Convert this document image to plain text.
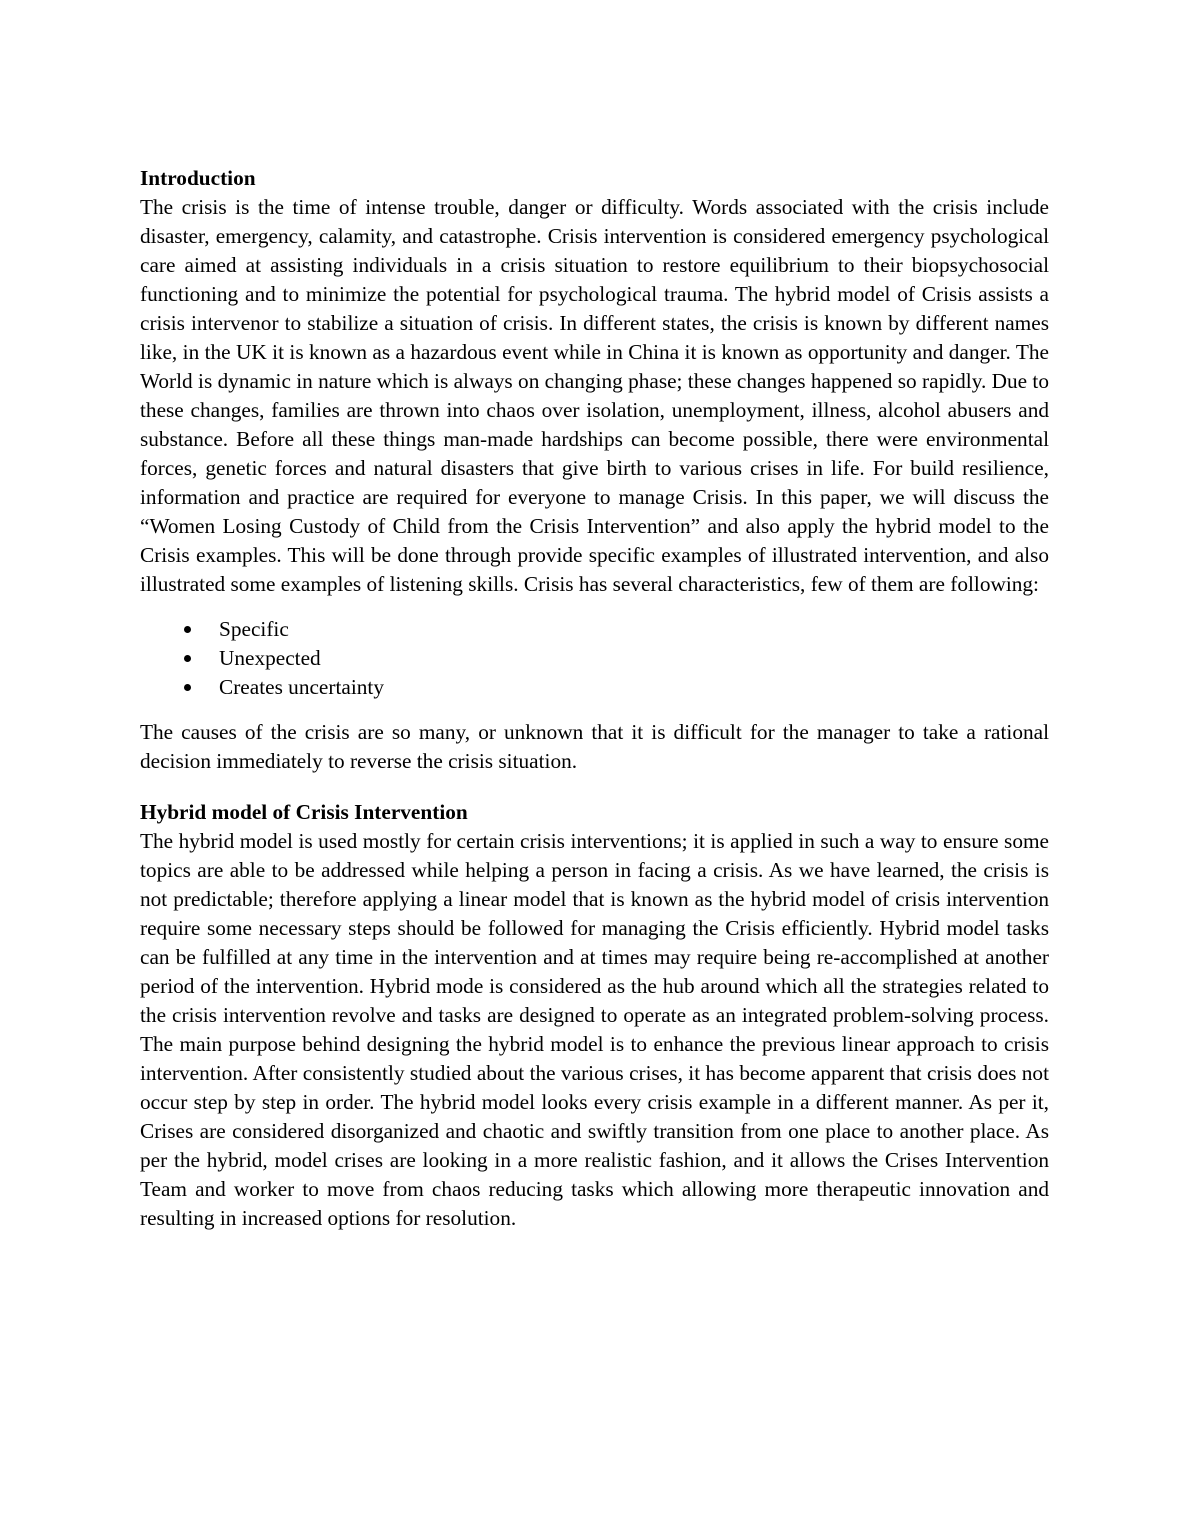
Introduction

The crisis is the time of intense trouble, danger or difficulty. Words associated with the crisis include disaster, emergency, calamity, and catastrophe. Crisis intervention is considered emergency psychological care aimed at assisting individuals in a crisis situation to restore equilibrium to their biopsychosocial functioning and to minimize the potential for psychological trauma. The hybrid model of Crisis assists a crisis intervenor to stabilize a situation of crisis. In different states, the crisis is known by different names like, in the UK it is known as a hazardous event while in China it is known as opportunity and danger. The World is dynamic in nature which is always on changing phase; these changes happened so rapidly. Due to these changes, families are thrown into chaos over isolation, unemployment, illness, alcohol abusers and substance. Before all these things man-made hardships can become possible, there were environmental forces, genetic forces and natural disasters that give birth to various crises in life. For build resilience, information and practice are required for everyone to manage Crisis. In this paper, we will discuss the “Women Losing Custody of Child from the Crisis Intervention” and also apply the hybrid model to the Crisis examples. This will be done through provide specific examples of illustrated intervention, and also illustrated some examples of listening skills. Crisis has several characteristics, few of them are following:

Specific
Unexpected
Creates uncertainty

The causes of the crisis are so many, or unknown that it is difficult for the manager to take a rational decision immediately to reverse the crisis situation.

Hybrid model of Crisis Intervention

The hybrid model is used mostly for certain crisis interventions; it is applied in such a way to ensure some topics are able to be addressed while helping a person in facing a crisis. As we have learned, the crisis is not predictable; therefore applying a linear model that is known as the hybrid model of crisis intervention require some necessary steps should be followed for managing the Crisis efficiently. Hybrid model tasks can be fulfilled at any time in the intervention and at times may require being re-accomplished at another period of the intervention. Hybrid mode is considered as the hub around which all the strategies related to the crisis intervention revolve and tasks are designed to operate as an integrated problem-solving process. The main purpose behind designing the hybrid model is to enhance the previous linear approach to crisis intervention. After consistently studied about the various crises, it has become apparent that crisis does not occur step by step in order. The hybrid model looks every crisis example in a different manner. As per it, Crises are considered disorganized and chaotic and swiftly transition from one place to another place. As per the hybrid, model crises are looking in a more realistic fashion, and it allows the Crises Intervention Team and worker to move from chaos reducing tasks which allowing more therapeutic innovation and resulting in increased options for resolution.
